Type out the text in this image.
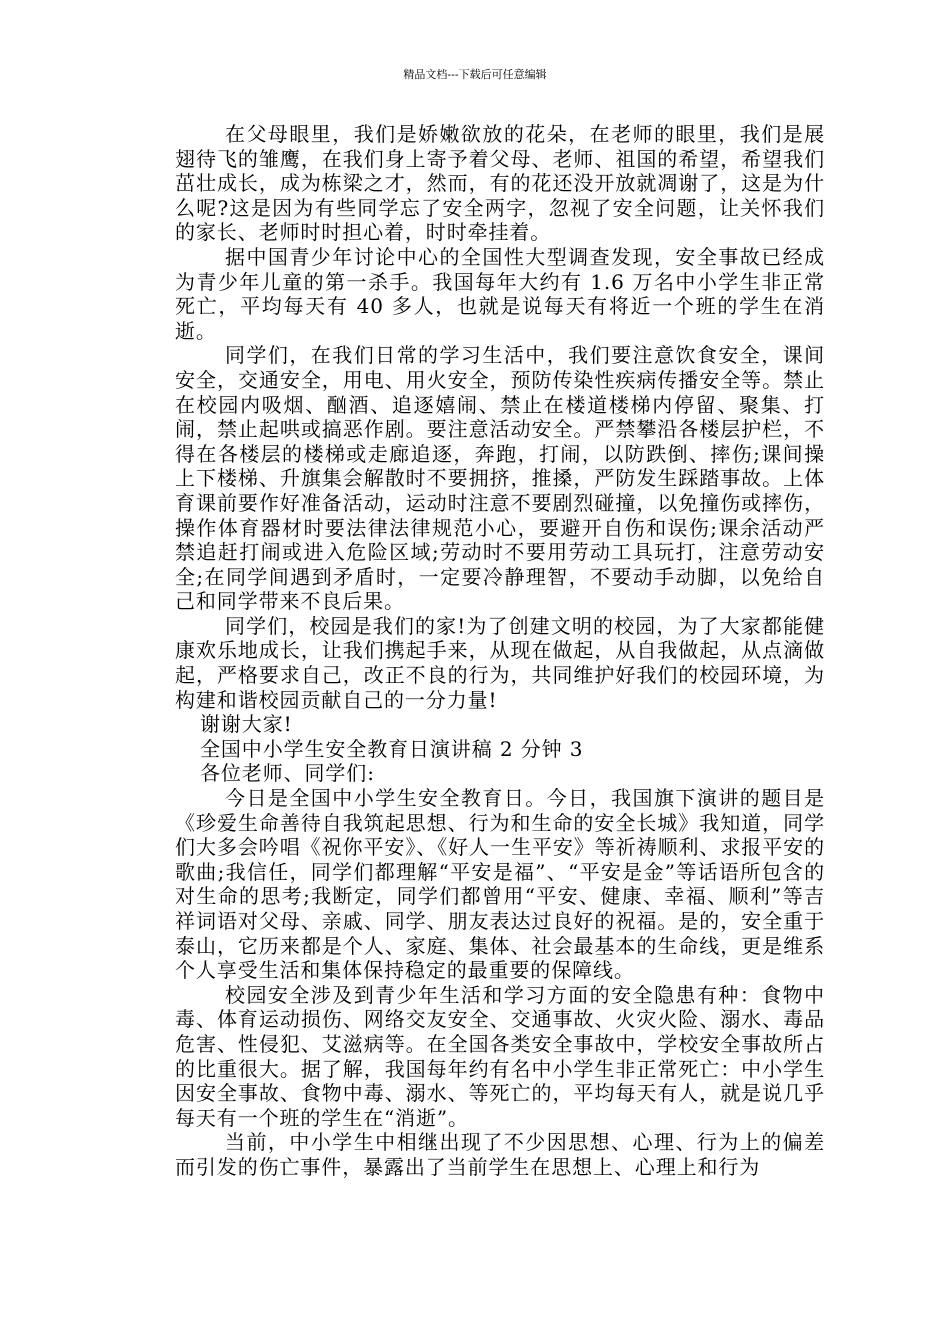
精品文档---下载后可任意编辑

在父母眼里，我们是娇嫩欲放的花朵，在老师的眼里，我们是展翅待飞的雏鹰，在我们身上寄予着父母、老师、祖国的希望，希望我们茁壮成长，成为栋梁之才，然而，有的花还没开放就凋谢了，这是为什么呢?这是因为有些同学忘了安全两字，忽视了安全问题，让关怀我们的家长、老师时时担心着，时时牵挂着。

据中国青少年讨论中心的全国性大型调查发现，安全事故已经成为青少年儿童的第一杀手。我国每年大约有 1.6 万名中小学生非正常死亡，平均每天有 40 多人，也就是说每天有将近一个班的学生在消逝。

同学们，在我们日常的学习生活中，我们要注意饮食安全，课间安全，交通安全，用电、用火安全，预防传染性疾病传播安全等。禁止在校园内吸烟、酗酒、追逐嬉闹、禁止在楼道楼梯内停留、聚集、打闹，禁止起哄或搞恶作剧。要注意活动安全。严禁攀沿各楼层护栏，不得在各楼层的楼梯或走廊追逐，奔跑，打闹，以防跌倒、摔伤;课间操上下楼梯、升旗集会解散时不要拥挤，推搡，严防发生踩踏事故。上体育课前要作好准备活动，运动时注意不要剧烈碰撞，以免撞伤或摔伤，操作体育器材时要法律法律规范小心，要避开自伤和误伤;课余活动严禁追赶打闹或进入危险区域;劳动时不要用劳动工具玩打，注意劳动安全;在同学间遇到矛盾时，一定要冷静理智，不要动手动脚，以免给自己和同学带来不良后果。

同学们，校园是我们的家!为了创建文明的校园，为了大家都能健康欢乐地成长，让我们携起手来，从现在做起，从自我做起，从点滴做起，严格要求自己，改正不良的行为，共同维护好我们的校园环境，为构建和谐校园贡献自己的一分力量!

谢谢大家!

全国中小学生安全教育日演讲稿 2 分钟 3

各位老师、同学们:

今日是全国中小学生安全教育日。今日，我国旗下演讲的题目是《珍爱生命善待自我筑起思想、行为和生命的安全长城》我知道，同学们大多会吟唱《祝你平安》、《好人一生平安》等祈祷顺利、求报平安的歌曲;我信任，同学们都理解“平安是福”、“平安是金”等话语所包含的对生命的思考;我断定，同学们都曾用“平安、健康、幸福、顺利”等吉祥词语对父母、亲戚、同学、朋友表达过良好的祝福。是的，安全重于泰山，它历来都是个人、家庭、集体、社会最基本的生命线，更是维系个人享受生活和集体保持稳定的最重要的保障线。

校园安全涉及到青少年生活和学习方面的安全隐患有种：食物中毒、体育运动损伤、网络交友安全、交通事故、火灾火险、溺水、毒品危害、性侵犯、艾滋病等。在全国各类安全事故中，学校安全事故所占的比重很大。据了解，我国每年约有名中小学生非正常死亡：中小学生因安全事故、食物中毒、溺水、等死亡的，平均每天有人，就是说几乎每天有一个班的学生在“消逝”。

当前，中小学生中相继出现了不少因思想、心理、行为上的偏差而引发的伤亡事件，暴露出了当前学生在思想上、心理上和行为
